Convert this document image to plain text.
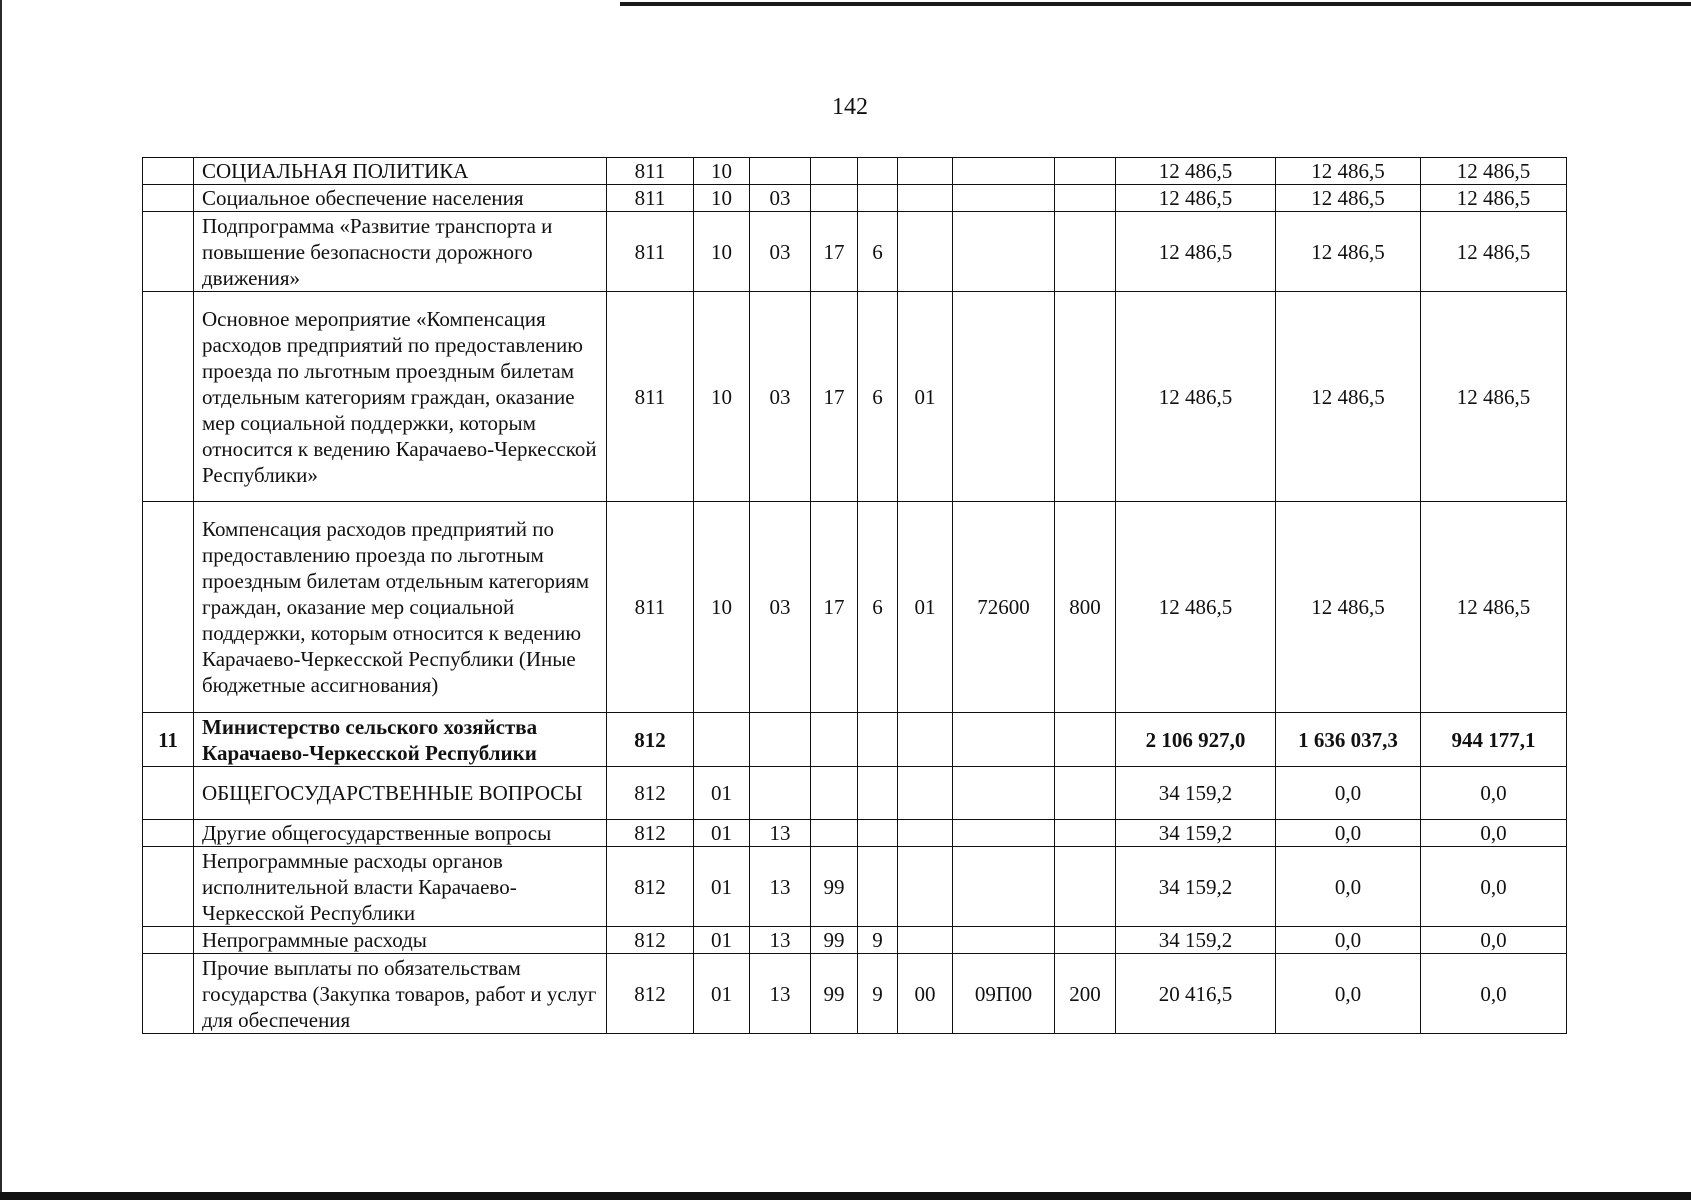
142
	СОЦИАЛЬНАЯ ПОЛИТИКА	811	10							12 486,5	12 486,5	12 486,5
	Социальное обеспечение населения	811	10	03						12 486,5	12 486,5	12 486,5
	Подпрограмма «Развитие транспорта и повышение безопасности дорожного движения»	811	10	03	17	6				12 486,5	12 486,5	12 486,5
	Основное мероприятие «Компенсация расходов предприятий по предоставлению проезда по льготным проездным билетам отдельным категориям граждан, оказание мер социальной поддержки, которым относится к ведению Карачаево-Черкесской Республики»	811	10	03	17	6	01			12 486,5	12 486,5	12 486,5
	Компенсация расходов предприятий по предоставлению проезда по льготным проездным билетам отдельным категориям граждан, оказание мер социальной поддержки, которым относится к ведению Карачаево-Черкесской Республики (Иные бюджетные ассигнования)	811	10	03	17	6	01	72600	800	12 486,5	12 486,5	12 486,5
11	Министерство сельского хозяйства Карачаево-Черкесской Республики	812								2 106 927,0	1 636 037,3	944 177,1
	ОБЩЕГОСУДАРСТВЕННЫЕ ВОПРОСЫ	812	01							34 159,2	0,0	0,0
	Другие общегосударственные вопросы	812	01	13						34 159,2	0,0	0,0
	Непрограммные расходы органов исполнительной власти Карачаево-Черкесской Республики	812	01	13	99					34 159,2	0,0	0,0
	Непрограммные расходы	812	01	13	99	9				34 159,2	0,0	0,0
	Прочие выплаты по обязательствам государства (Закупка товаров, работ и услуг для обеспечения	812	01	13	99	9	00	09П00	200	20 416,5	0,0	0,0
